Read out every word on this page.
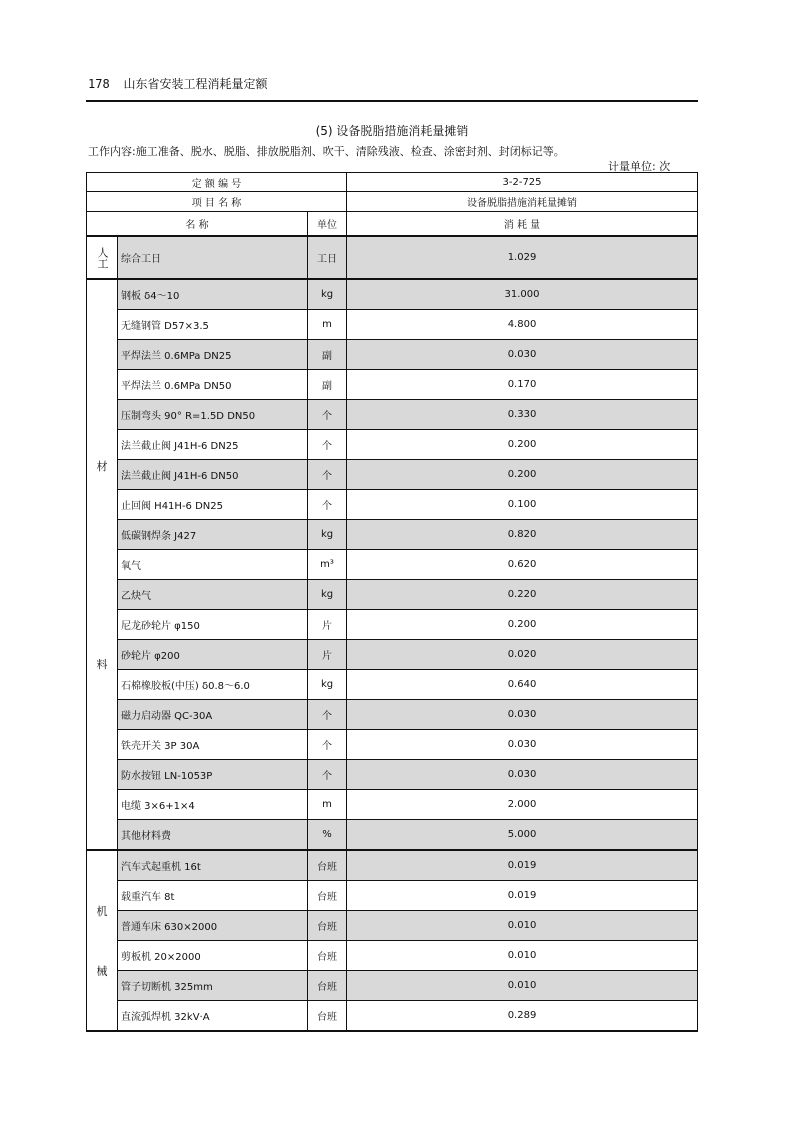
178 山东省安装工程消耗量定额
(5) 设备脱脂措施消耗量摊销
工作内容:施工准备、脱水、脱脂、排放脱脂剂、吹干、清除残液、检查、涂密封剂、封闭标记等。
计量单位: 次
定 额 编 号			3-2-725
项 目 名 称			设备脱脂措施消耗量摊销
名 称		单位	消 耗 量

人工	综合工日	工日	1.029

材
料	钢板 δ4～10	kg	31.000
	无缝钢管 D57×3.5	m	4.800
	平焊法兰 0.6MPa DN25	副	0.030
	平焊法兰 0.6MPa DN50	副	0.170
	压制弯头 90° R=1.5D DN50	个	0.330
	法兰截止阀 J41H-6 DN25	个	0.200
	法兰截止阀 J41H-6 DN50	个	0.200
	止回阀 H41H-6 DN25	个	0.100
	低碳钢焊条 J427	kg	0.820
	氧气	m³	0.620
	乙炔气	kg	0.220
	尼龙砂轮片 φ150	片	0.200
	砂轮片 φ200	片	0.020
	石棉橡胶板(中压) δ0.8～6.0	kg	0.640
	磁力启动器 QC-30A	个	0.030
	铁壳开关 3P 30A	个	0.030
	防水按钮 LN-1053P	个	0.030
	电缆 3×6+1×4	m	2.000
	其他材料费	%	5.000

机
械	汽车式起重机 16t	台班	0.019
	载重汽车 8t	台班	0.019
	普通车床 630×2000	台班	0.010
	剪板机 20×2000	台班	0.010
	管子切断机 325mm	台班	0.010
	直流弧焊机 32kV·A	台班	0.289
